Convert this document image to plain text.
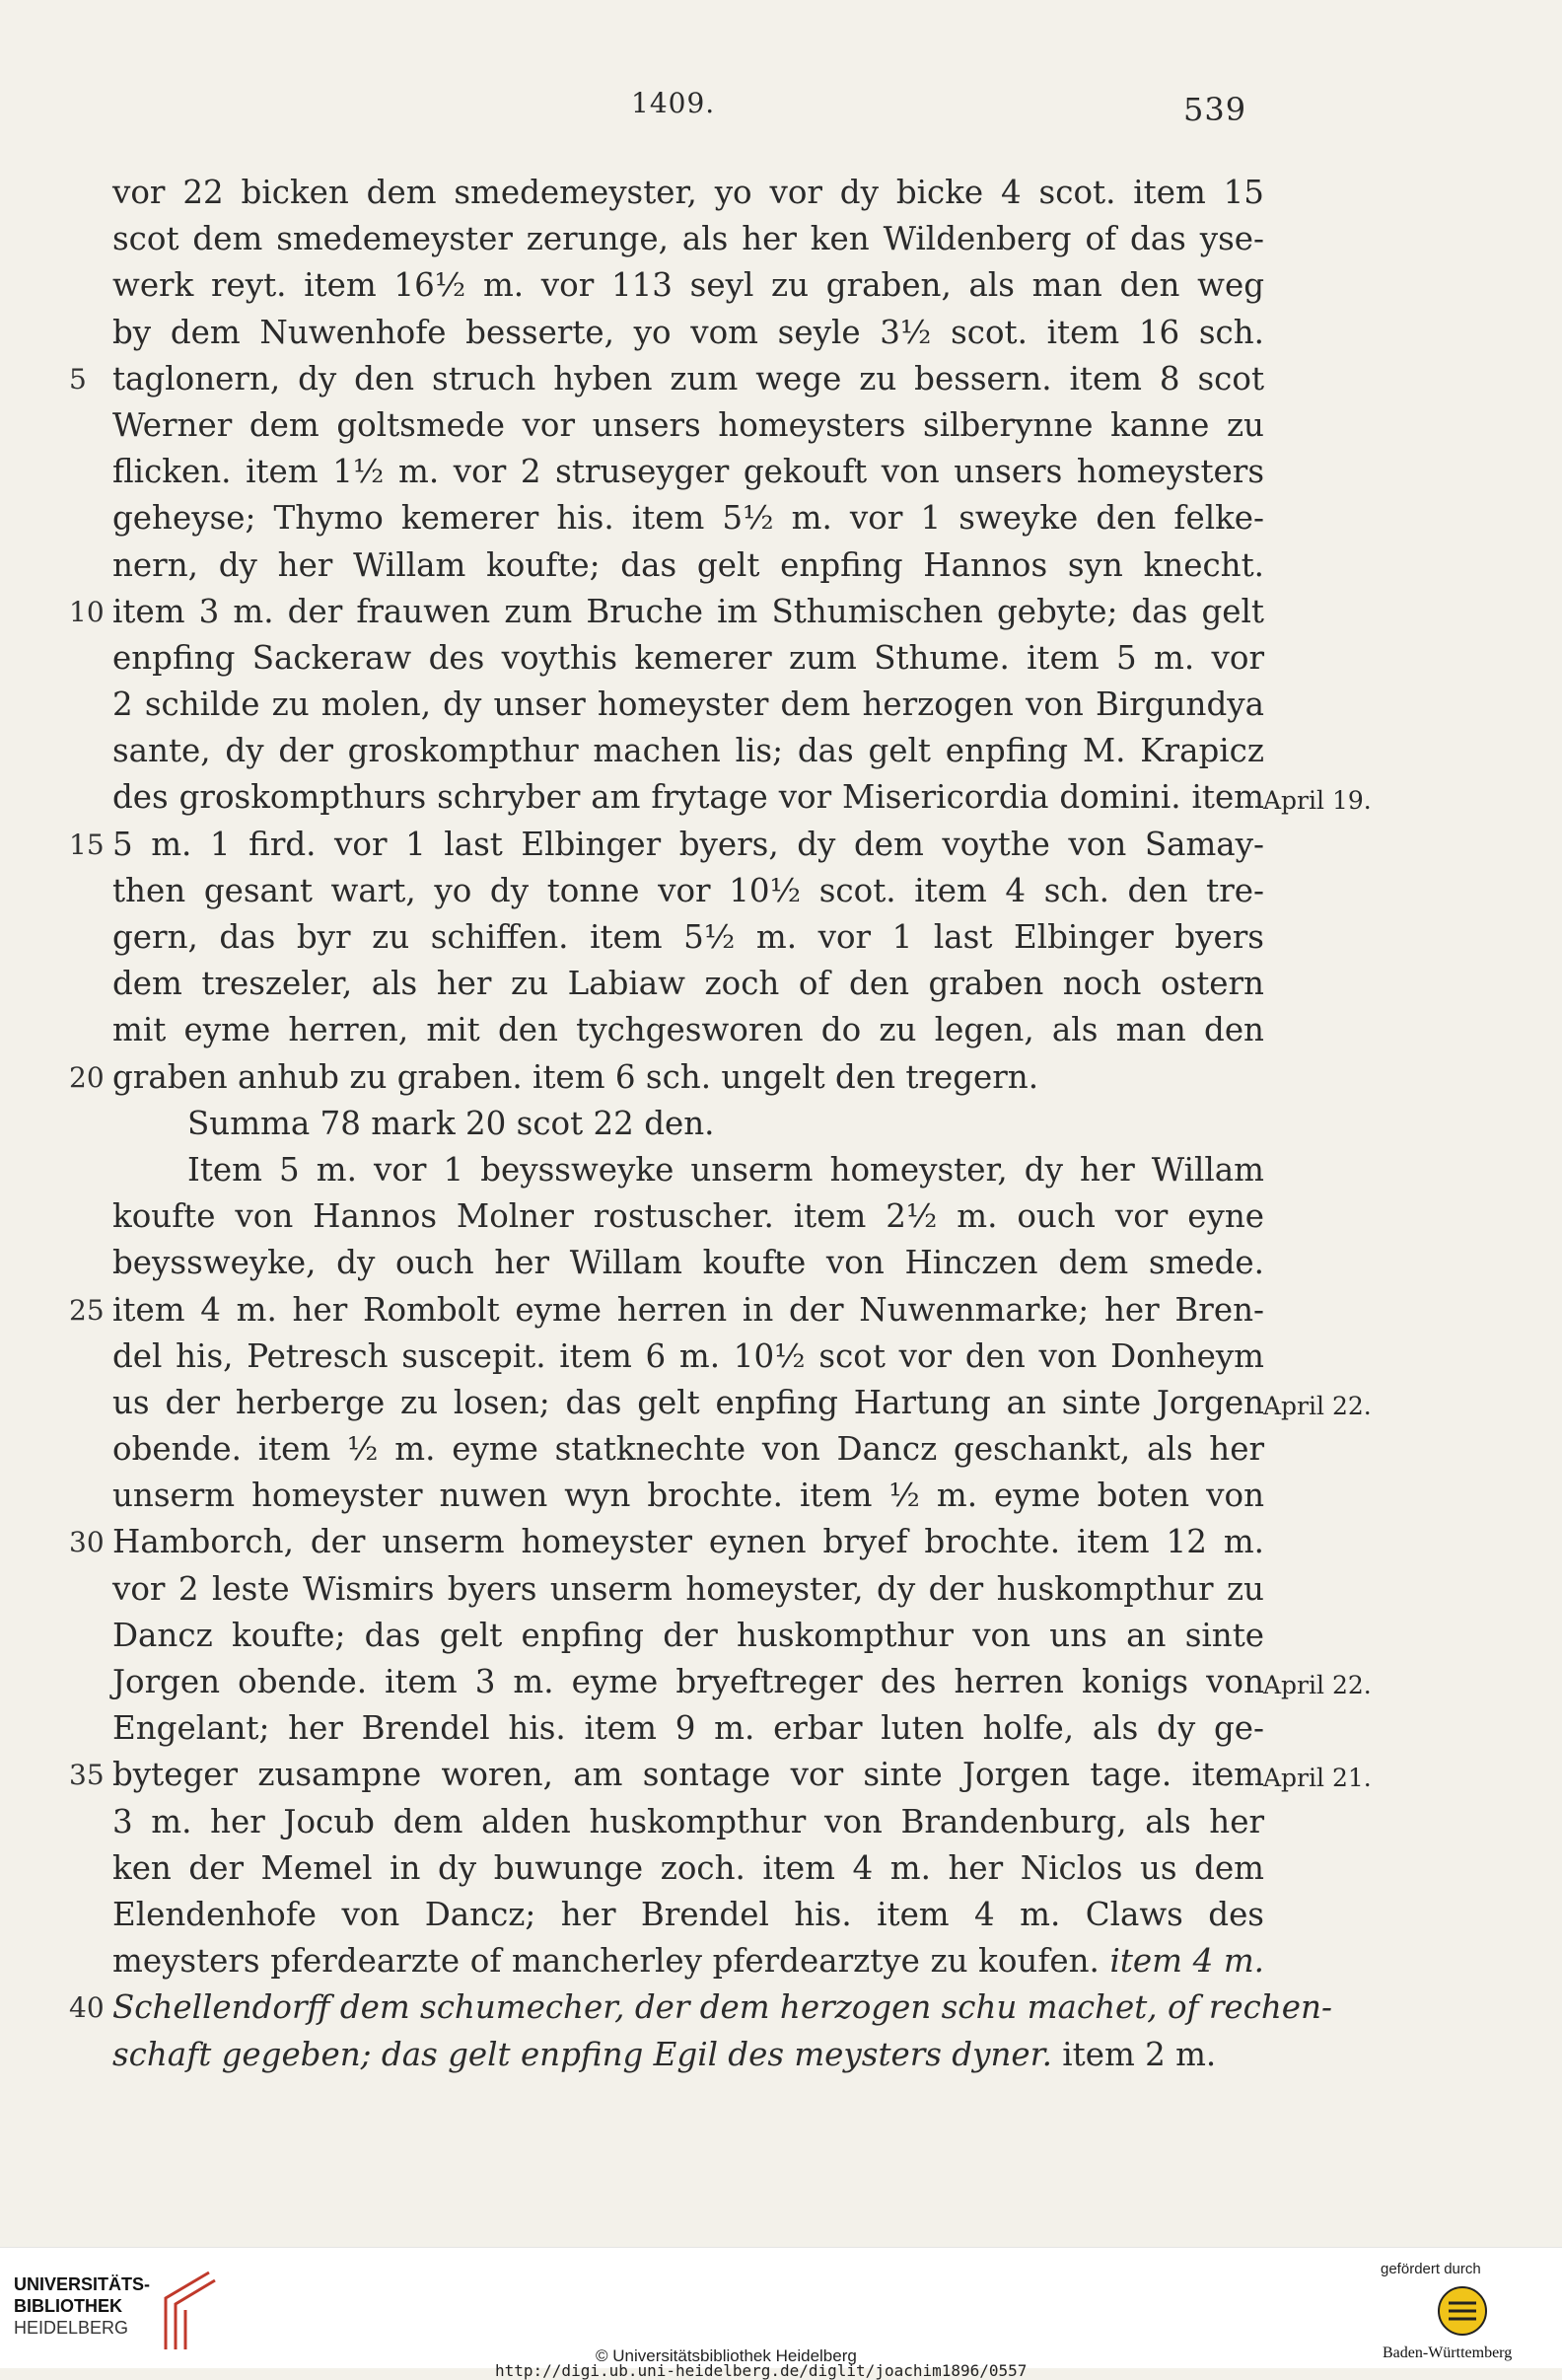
1409.	539
vor 22 bicken dem smedemeyster, yo vor dy bicke 4 scot. item 15
scot dem smedemeyster zerunge, als her ken Wildenberg of das yse-
werk reyt. item 16½ m. vor 113 seyl zu graben, als man den weg
by dem Nuwenhofe besserte, yo vom seyle 3½ scot. item 16 sch.
5 taglonern, dy den struch hyben zum wege zu bessern. item 8 scot
Werner dem goltsmede vor unsers homeysters silberynne kanne zu
flicken. item 1½ m. vor 2 struseyger gekouft von unsers homeysters
geheyse; Thymo kemerer his. item 5½ m. vor 1 sweyke den felke-
nern, dy her Willam koufte; das gelt enpfing Hannos syn knecht.
10 item 3 m. der frauwen zum Bruche im Sthumischen gebyte; das gelt
enpfing Sackeraw des voythis kemerer zum Sthume. item 5 m. vor
2 schilde zu molen, dy unser homeyster dem herzogen von Birgundya
sante, dy der groskompthur machen lis; das gelt enpfing M. Krapicz
des groskompthurs schryber am frytage vor Misericordia domini. item April 19.
15 5 m. 1 fird. vor 1 last Elbinger byers, dy dem voythe von Samay-
then gesant wart, yo dy tonne vor 10½ scot. item 4 sch. den tre-
gern, das byr zu schiffen. item 5½ m. vor 1 last Elbinger byers
dem treszeler, als her zu Labiaw zoch of den graben noch ostern
mit eyme herren, mit den tychgesworen do zu legen, als man den
20 graben anhub zu graben. item 6 sch. ungelt den tregern.
Summa 78 mark 20 scot 22 den.
Item 5 m. vor 1 beyssweyke unserm homeyster, dy her Willam
koufte von Hannos Molner rostuscher. item 2½ m. ouch vor eyne
beyssweyke, dy ouch her Willam koufte von Hinczen dem smede.
25 item 4 m. her Rombolt eyme herren in der Nuwenmarke; her Bren-
del his, Petresch suscepit. item 6 m. 10½ scot vor den von Donheym
us der herberge zu losen; das gelt enpfing Hartung an sinte Jorgen April 22.
obende. item ½ m. eyme statknechte von Dancz geschankt, als her
unserm homeyster nuwen wyn brochte. item ½ m. eyme boten von
30 Hamborch, der unserm homeyster eynen bryef brochte. item 12 m.
vor 2 leste Wismirs byers unserm homeyster, dy der huskompthur zu
Dancz koufte; das gelt enpfing der huskompthur von uns an sinte
Jorgen obende. item 3 m. eyme bryeftreger des herren konigs von April 22.
Engelant; her Brendel his. item 9 m. erbar luten holfe, als dy ge-
35 byteger zusampne woren, am sontage vor sinte Jorgen tage. item April 21.
3 m. her Jocub dem alden huskompthur von Brandenburg, als her
ken der Memel in dy buwunge zoch. item 4 m. her Niclos us dem
Elendenhofe von Dancz; her Brendel his. item 4 m. Claws des
meysters pferdearzte of mancherley pferdearztye zu koufen. item 4 m.
40 Schellendorff dem schumecher, der dem herzogen schu machet, of rechen-
schaft gegeben; das gelt enpfing Egil des meysters dyner. item 2 m.
UNIVERSITÄTS-
BIBLIOTHEK
HEIDELBERG
© Universitätsbibliothek Heidelberg
http://digi.ub.uni-heidelberg.de/diglit/joachim1896/0557
gefördert durch
Baden-Württemberg
